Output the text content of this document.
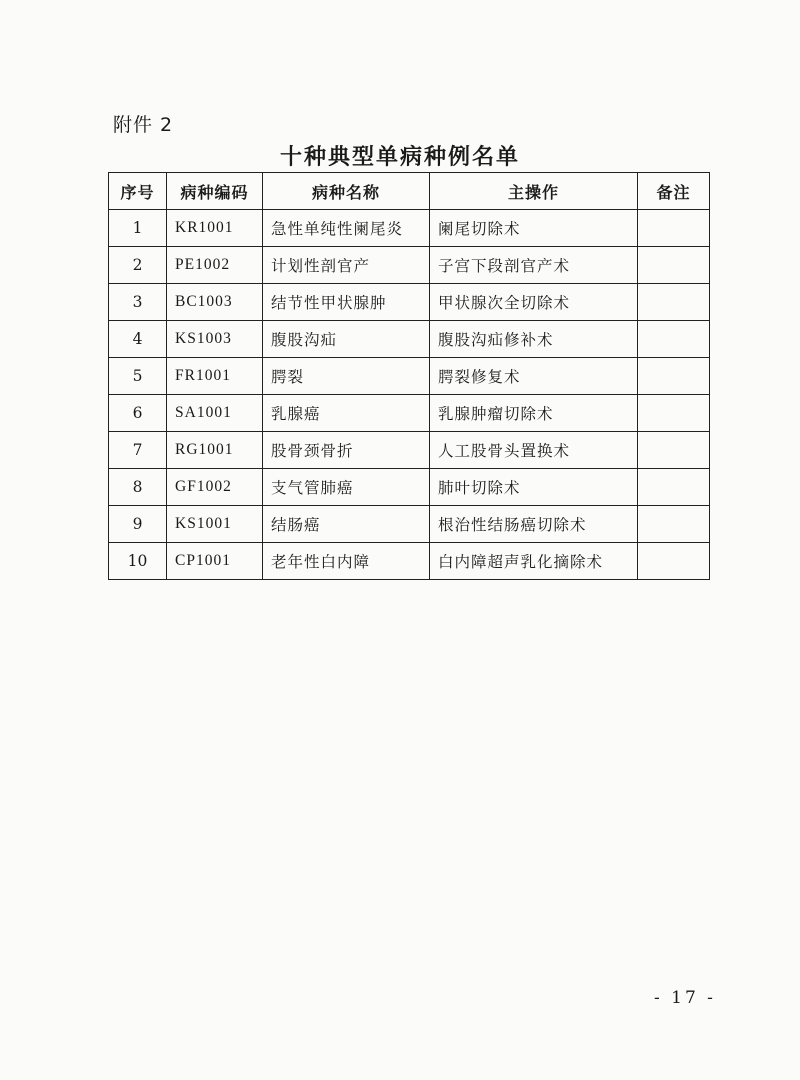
附件 2
十种典型单病种例名单
序号	病种编码	病种名称	主操作	备注
1	KR1001	急性单纯性阑尾炎	阑尾切除术	
2	PE1002	计划性剖官产	子宫下段剖官产术	
3	BC1003	结节性甲状腺肿	甲状腺次全切除术	
4	KS1003	腹股沟疝	腹股沟疝修补术	
5	FR1001	腭裂	腭裂修复术	
6	SA1001	乳腺癌	乳腺肿瘤切除术	
7	RG1001	股骨颈骨折	人工股骨头置换术	
8	GF1002	支气管肺癌	肺叶切除术	
9	KS1001	结肠癌	根治性结肠癌切除术	
10	CP1001	老年性白内障	白内障超声乳化摘除术	
- 17 -
